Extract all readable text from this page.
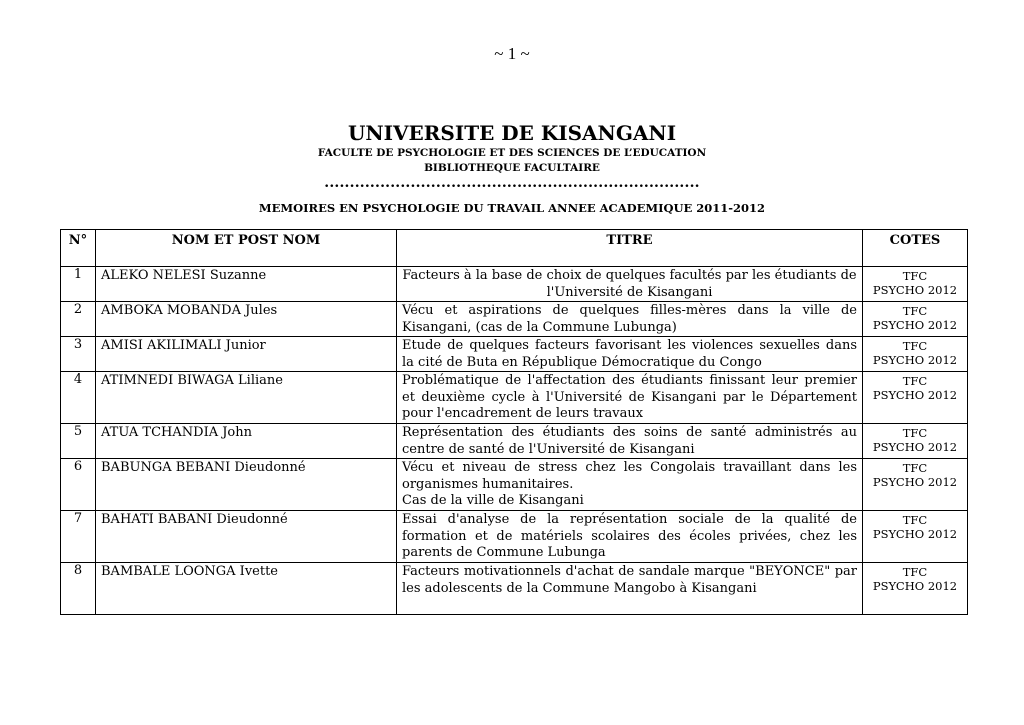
~ 1 ~
UNIVERSITE DE KISANGANI
FACULTE DE PSYCHOLOGIE ET DES SCIENCES DE L’EDUCATION
BIBLIOTHEQUE FACULTAIRE
..........................................................................
MEMOIRES EN PSYCHOLOGIE DU TRAVAIL ANNEE ACADEMIQUE 2011-2012
N°	NOM ET POST NOM	TITRE	COTES
1	ALEKO NELESI Suzanne	Facteurs à la base de choix de quelques facultés par les étudiants de l'Université de Kisangani	TFC
PSYCHO 2012

2	AMBOKA MOBANDA Jules	Vécu et aspirations de quelques filles-mères dans la ville de Kisangani, (cas de la Commune Lubunga)	TFC
PSYCHO 2012

3	AMISI AKILIMALI Junior	Etude de quelques facteurs favorisant les violences sexuelles dans la cité de Buta en République Démocratique du Congo	TFC
PSYCHO 2012

4	ATIMNEDI BIWAGA Liliane	Problématique de l'affectation des étudiants finissant leur premier et deuxième cycle à l'Université de Kisangani par le Département pour l'encadrement de leurs travaux	TFC
PSYCHO 2012

5	ATUA TCHANDIA John	Représentation des étudiants des soins de santé administrés au centre de santé de l'Université de Kisangani	TFC
PSYCHO 2012

6	BABUNGA BEBANI Dieudonné	Vécu et niveau de stress chez les Congolais travaillant dans les organismes humanitaires.
Cas de la ville de Kisangani	TFC
PSYCHO 2012

7	BAHATI BABANI Dieudonné	Essai d'analyse de la représentation sociale de la qualité de formation et de matériels scolaires des écoles privées, chez les parents de Commune Lubunga	TFC
PSYCHO 2012

8	BAMBALE LOONGA Ivette	Facteurs motivationnels d'achat de sandale marque "BEYONCE" par les adolescents de la Commune Mangobo à Kisangani	TFC
PSYCHO 2012
